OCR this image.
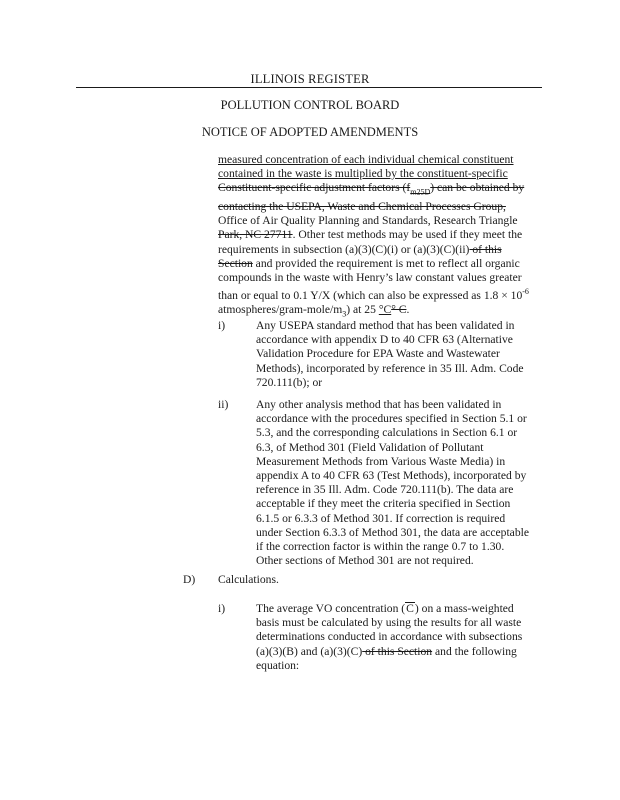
ILLINOIS REGISTER
POLLUTION CONTROL BOARD
NOTICE OF ADOPTED AMENDMENTS
measured concentration of each individual chemical constituent
contained in the waste is multiplied by the constituent-specific
Constituent-specific adjustment factors $(f_{m25D})$ can be obtained by
contacting the USEPA, Waste and Chemical Processes Group,
Office of Air Quality Planning and Standards, Research Triangle
Park, NC 27711. Other test methods may be used if they meet the
requirements in subsection (a)(3)(C)(i) or (a)(3)(C)(ii) of this
Section and provided the requirement is met to reflect all organic
compounds in the waste with Henry’s law constant values greater
than or equal to 0.1 Y/X (which can also be expressed as $1.8 \times 10^{-6}$
atmospheres/$gram-mole/m_3$) at 25 °C° C.
i)	Any USEPA standard method that has been validated in
accordance with appendix D to 40 CFR 63 (Alternative
Validation Procedure for EPA Waste and Wastewater
Methods), incorporated by reference in 35 Ill. Adm. Code
720.111(b); or
ii) Any other analysis method that has been validated in
accordance with the procedures specified in Section 5.1 or
5.3, and the corresponding calculations in Section 6.1 or
6.3, of Method 301 (Field Validation of Pollutant
Measurement Methods from Various Waste Media) in
appendix A to 40 CFR 63 (Test Methods), incorporated by
reference in 35 Ill. Adm. Code 720.111(b). The data are
acceptable if they meet the criteria specified in Section
6.1.5 or 6.3.3 of Method 301. If correction is required
under Section 6.3.3 of Method 301, the data are acceptable
if the correction factor is within the range 0.7 to 1.30.
Other sections of Method 301 are not required.
D) Calculations.
i)	The average VO concentration (C) on a mass-weighted
basis must be calculated by using the results for all waste
determinations conducted in accordance with subsections
(a)(3)(B) and (a)(3)(C) of this Section and the following
equation:
